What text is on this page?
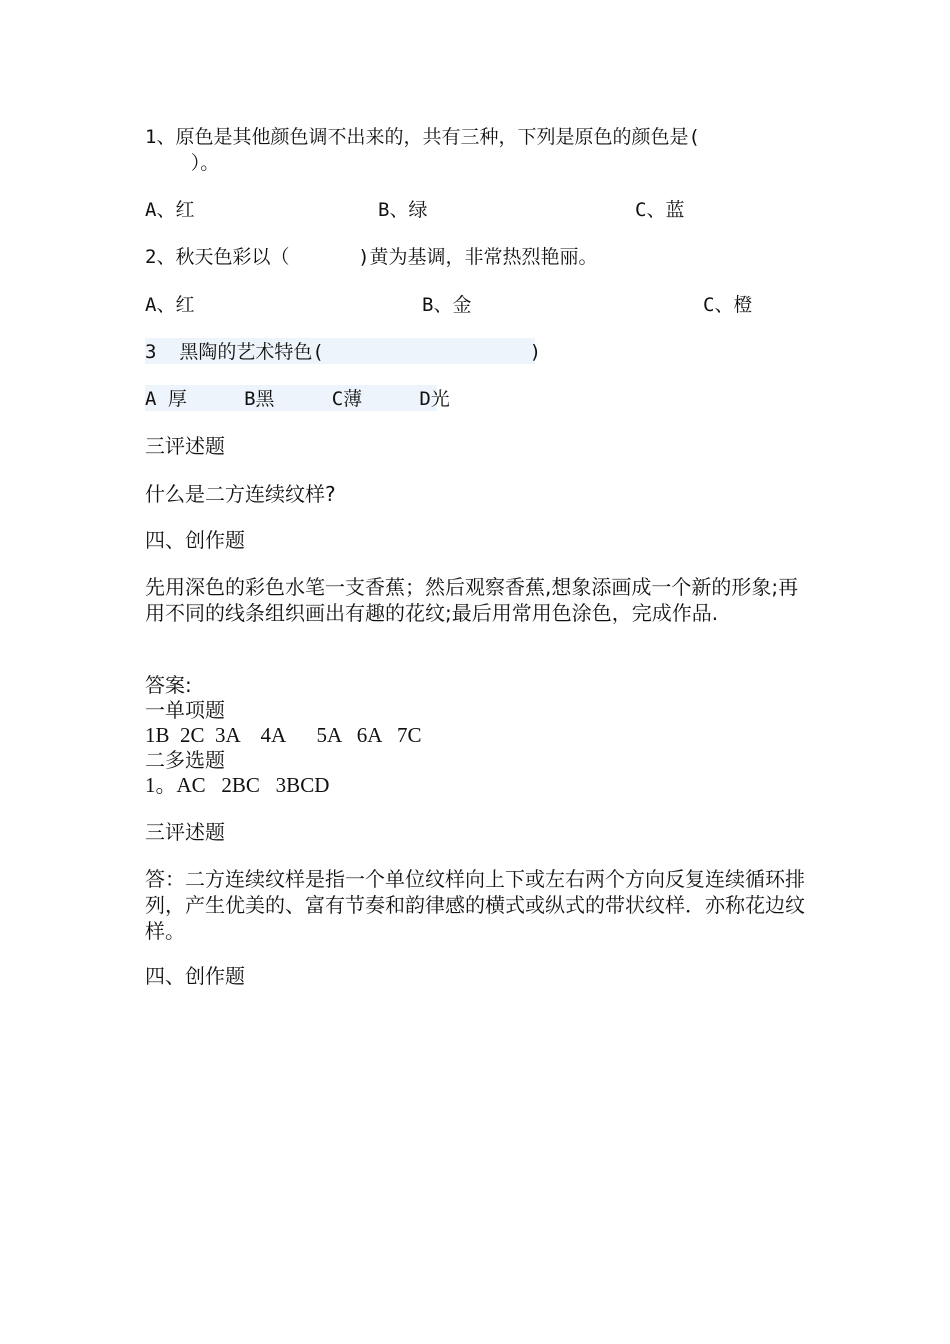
1、原色是其他颜色调不出来的，共有三种，下列是原色的颜色是(
）。
A、红	B、绿	C、蓝
2、秋天色彩以（      )黄为基调，非常热烈艳丽。
A、红	B、金	C、橙
3  黑陶的艺术特色(                  )
A 厚     B黑     C薄     D光
三评述题
什么是二方连续纹样?
四、创作题
先用深色的彩色水笔一支香蕉；然后观察香蕉,想象添画成一个新的形象;再用不同的线条组织画出有趣的花纹;最后用常用色涂色，完成作品.
答案:
一单项题
1B  2C  3A    4A      5A   6A   7C
二多选题
1。AC   2BC   3BCD
三评述题
答：二方连续纹样是指一个单位纹样向上下或左右两个方向反复连续循环排列，产生优美的、富有节奏和韵律感的横式或纵式的带状纹样．亦称花边纹样。
四、创作题
